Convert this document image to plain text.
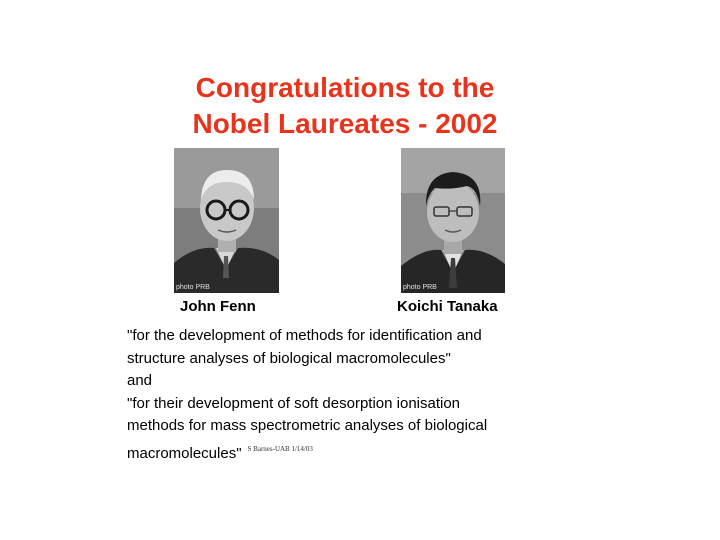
Congratulations to the
Nobel Laureates - 2002
photo PRB	photo PRB
John Fenn	Koichi Tanaka
"for the development of methods for identification and
structure analyses of biological macromolecules"
and
"for their development of soft desorption ionisation
methods for mass spectrometric analyses of biological
macromolecules" $^{S Barnes-UAB 1/14/03}$
